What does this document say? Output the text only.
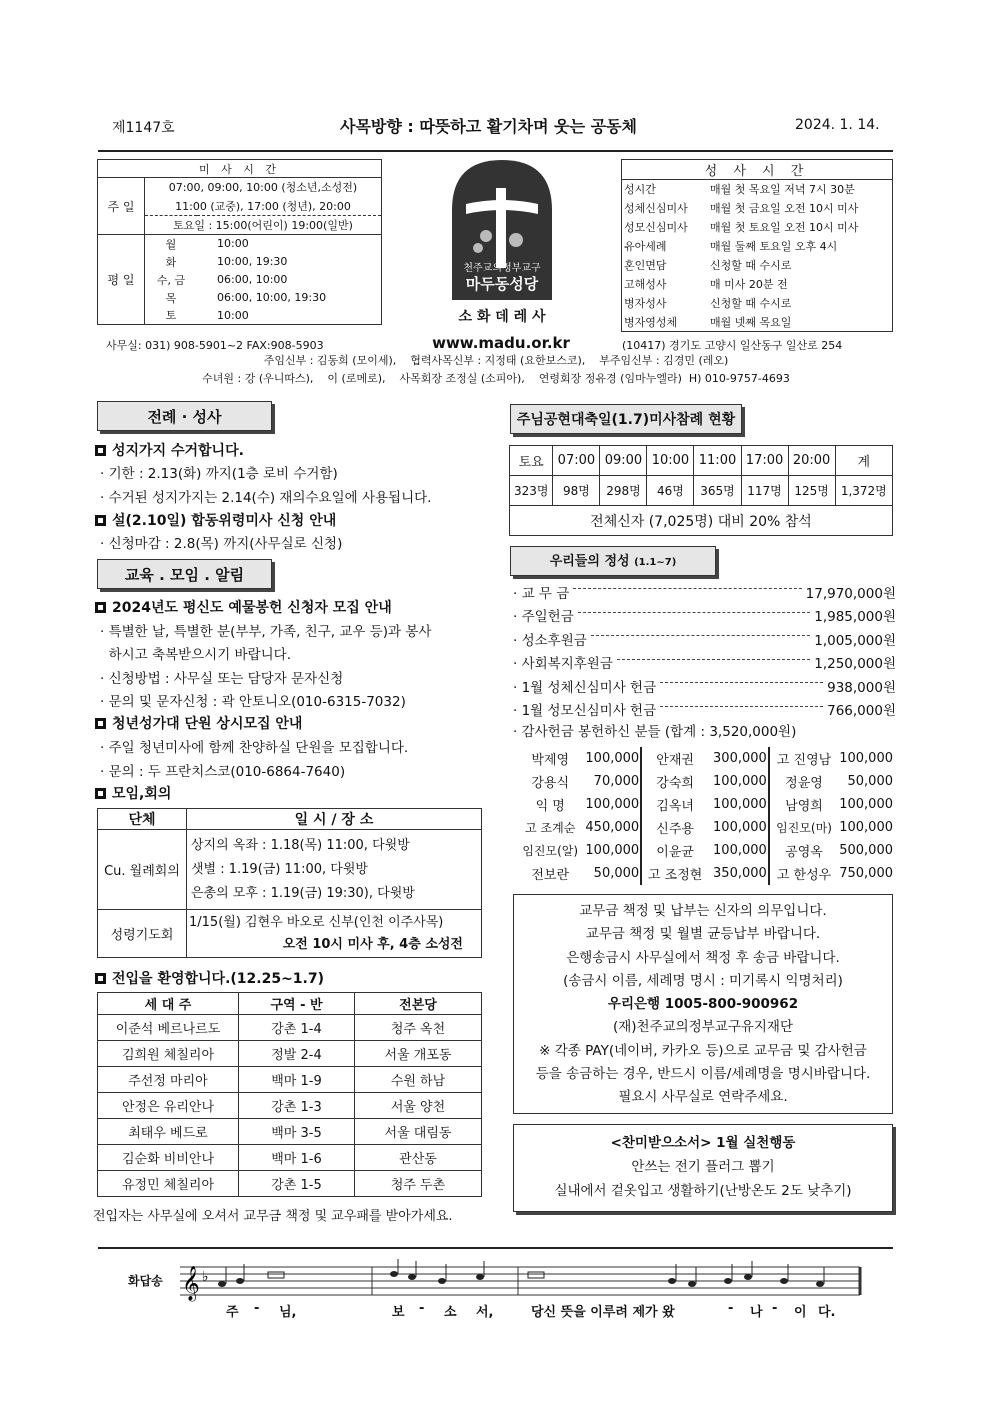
제1147호	사목방향 : 따뜻하고 활기차며 웃는 공동체	2024. 1. 14.
미 사 시 간		
주 일	07:00, 09:00, 10:00 (청소년,소성전)	
	11:00 (교중), 17:00 (청년), 20:00	
	토요일 : 15:00(어린이) 19:00(일반)	
평 일	월	10:00
	화	10:00, 19:30
	수, 금	06:00, 10:00
	목	06:00, 10:00, 19:30
	토	10:00
천주교의정부교구
마두동성당
소 화 데 레 사
www.madu.or.kr
성 사 시 간	
성시간	매월 첫 목요일 저녁 7시 30분
성체신심미사	매월 첫 금요일 오전 10시 미사
성모신심미사	매월 첫 토요일 오전 10시 미사
유아세례	매월 둘째 토요일 오후 4시
혼인면담	신청할 때 수시로
고해성사	매 미사 20분 전
병자성사	신청할 때 수시로
병자영성체	매월 넷째 목요일
사무실: 031) 908-5901~2 FAX:908-5903	(10417) 경기도 고양시 일산동구 일산로 254
주임신부 : 김동희 (모이세),    협력사목신부 : 지정태 (요한보스코),    부주임신부 : 김경민 (레오)
수녀원 : 강 (우니따스),    이 (로메로),    사목회장 조정실 (소피아),    연령회장 정유경 (임마누엘라)  H) 010-9757-4693
전례 · 성사
성지가지 수거합니다.
· 기한 : 2.13(화) 까지(1층 로비 수거함)
· 수거된 성지가지는 2.14(수) 재의수요일에 사용됩니다.
설(2.10일) 합동위령미사 신청 안내
· 신청마감 : 2.8(목) 까지(사무실로 신청)
교육 . 모임 . 알림
2024년도 평신도 예물봉헌 신청자 모집 안내
· 특별한 날, 특별한 분(부부, 가족, 친구, 교우 등)과 봉사
하시고 축복받으시기 바랍니다.
· 신청방법 : 사무실 또는 담당자 문자신청
· 문의 및 문자신청 : 곽 안토니오(010-6315-7032)
청년성가대 단원 상시모집 안내
· 주일 청년미사에 함께 찬양하실 단원을 모집합니다.
· 문의 : 두 프란치스코(010-6864-7640)
모임,회의
단체	일 시 / 장 소
Cu. 월례회의	상지의 옥좌 : 1.18(목) 11:00, 다윗방
샛별 : 1.19(금) 11:00, 다윗방
은총의 모후 : 1.19(금) 19:30), 다윗방

성령기도회	1/15(월) 김현우 바오로 신부(인천 이주사목)
오전 10시 미사 후, 4층 소성전
전입을 환영합니다.(12.25~1.7)
세 대 주	구역 - 반	전본당
이준석 베르나르도	강촌 1-4	청주 옥천
김희원 체칠리아	정발 2-4	서울 개포동
주선정 마리아	백마 1-9	수원 하남
안정은 유리안나	강촌 1-3	서울 양천
최태우 베드로	백마 3-5	서울 대림동
김순화 비비안나	백마 1-6	관산동
유정민 체칠리아	강촌 1-5	청주 두촌
전입자는 사무실에 오셔서 교무금 책정 및 교우패를 받아가세요.
주님공현대축일(1.7)미사참례 현황
토요	07:00	09:00	10:00	11:00	17:00	20:00	계
323명	98명	298명	46명	365명	117명	125명	1,372명
전체신자 (7,025명) 대비 20% 참석							
우리들의 정성 (1.1~7)
· 교 무 금	17,970,000원
· 주일헌금	1,985,000원
· 성소후원금	1,005,000원
· 사회복지후원금	1,250,000원
· 1월 성체신심미사 헌금	938,000원
· 1월 성모신심미사 헌금	766,000원
· 감사헌금 봉헌하신 분들 (합계 : 3,520,000원)
박제영	100,000	안재권	300,000	고 진영남	100,000
강용식	70,000	강숙희	100,000	정윤영	50,000
익 명	100,000	김옥녀	100,000	남영희	100,000
고 조계순	450,000	신주용	100,000	임진모(마)	100,000
임진모(알)	100,000	이윤균	100,000	공영옥	500,000
전보란	50,000	고 조정현	350,000	고 한성우	750,000
교무금 책정 및 납부는 신자의 의무입니다.
교무금 책정 및 월별 균등납부 바랍니다.
은행송금시 사무실에서 책정 후 송금 바랍니다.
(송금시 이름, 세례명 명시 : 미기록시 익명처리)
우리은행 1005-800-900962
(재)천주교의정부교구유지재단
※ 각종 PAY(네이버, 카카오 등)으로 교무금 및 감사헌금
등을 송금하는 경우, 반드시 이름/세례명을 명시바랍니다.
필요시 사무실로 연락주세요.
<찬미받으소서> 1월 실천행동
안쓰는 전기 플러그 뽑기
실내에서 겉옷입고 생활하기(난방온도 2도 낮추기)
화답송 𝄞 ♭
주 - 님,	보 - 소 서,	당신 뜻을 이루려 제가 왔	- 나 - 이 다.
